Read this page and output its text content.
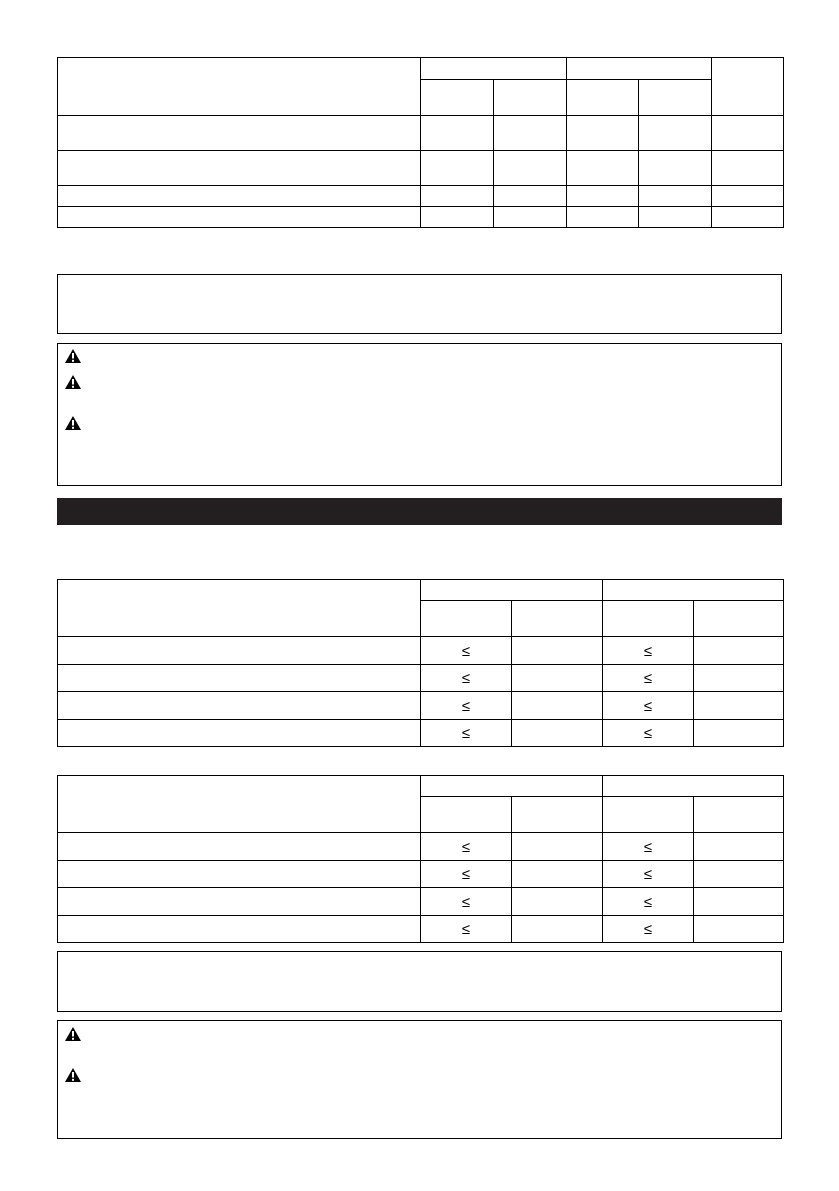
	≤		≤	
	≤		≤	
	≤		≤	
	≤		≤	

	≤		≤	
	≤		≤	
	≤		≤	
	≤		≤	
